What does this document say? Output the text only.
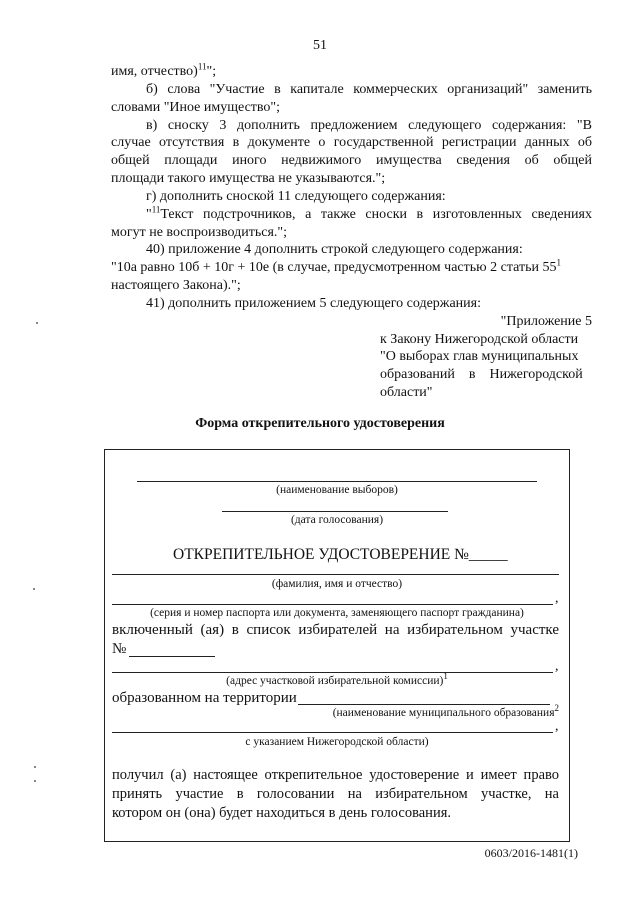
51
имя, отчество)$^{11}$";
б) слова "Участие в капитале коммерческих организаций" заменить
словами "Иное имущество";
в) сноску 3 дополнить предложением следующего содержания: "В
случае отсутствия в документе о государственной регистрации данных об
общей площади иного недвижимого имущества сведения об общей
площади такого имущества не указываются.";
г) дополнить сноской 11 следующего содержания:
"$^{11}$Текст подстрочников, а также сноски в изготовленных сведениях
могут не воспроизводиться.";
40) приложение 4 дополнить строкой следующего содержания:
"10а равно 10б + 10г + 10е (в случае, предусмотренном частью 2 статьи $55^1$
настоящего Закона).";
41) дополнить приложением 5 следующего содержания:
"Приложение 5
к Закону Нижегородской области
"О выборах глав муниципальных
образований    в    Нижегородской
области"
Форма открепительного удостоверения
(наименование выборов)
(дата голосования)
ОТКРЕПИТЕЛЬНОЕ УДОСТОВЕРЕНИЕ №_____
(фамилия, имя и отчество)
,
(серия и номер паспорта или документа, заменяющего паспорт гражданина)
включенный (ая) в список избирателей на избирательном участке
№
,
(адрес участковой избирательной комиссии)$^1$
образованном на территории
(наименование муниципального образования$^2$
,
с указанием Нижегородской области)
получил (а) настоящее открепительное удостоверение и имеет право
принять участие в голосовании на избирательном участке, на
котором он (она) будет находиться в день голосования.
0603/2016-1481(1)
